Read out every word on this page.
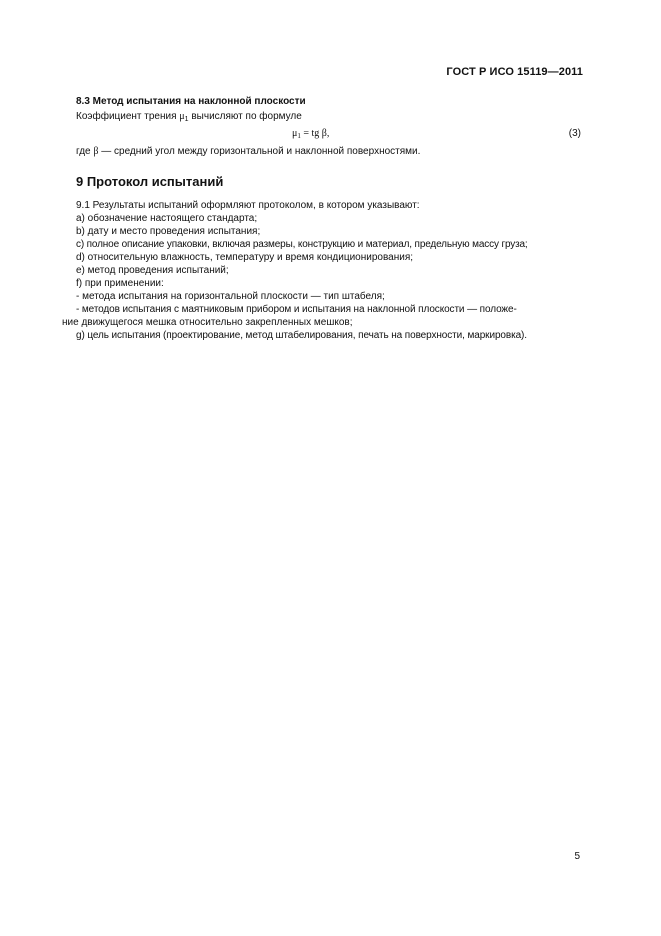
ГОСТ Р ИСО 15119—2011
8.3 Метод испытания на наклонной плоскости
Коэффициент трения $\mu_1$ вычисляют по формуле
$\mu_1$ = tg β,	(3)
где β — средний угол между горизонтальной и наклонной поверхностями.
9 Протокол испытаний
9.1 Результаты испытаний оформляют протоколом, в котором указывают:
a) обозначение настоящего стандарта;
b) дату и место проведения испытания;
c) полное описание упаковки, включая размеры, конструкцию и материал, предельную массу груза;
d) относительную влажность, температуру и время кондиционирования;
e) метод проведения испытаний;
f) при применении:
- метода испытания на горизонтальной плоскости — тип штабеля;
- методов испытания с маятниковым прибором и испытания на наклонной плоскости — положе-
ние движущегося мешка относительно закрепленных мешков;
g) цель испытания (проектирование, метод штабелирования, печать на поверхности, маркировка).
5
